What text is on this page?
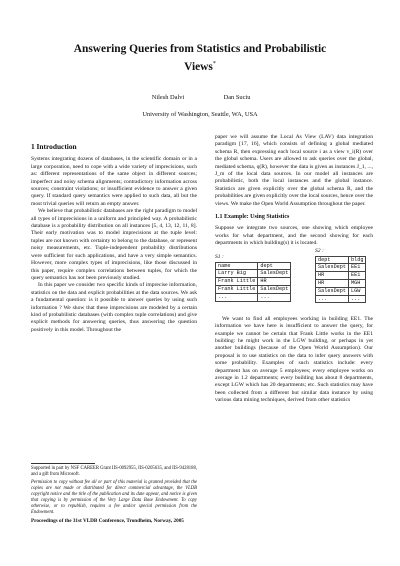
Answering Queries from Statistics and Probabilistic
Views*
Nilesh Dalvi	Dan Suciu
University of Washington, Seattle, WA, USA
1 Introduction

Systems integrating dozens of databases, in the scientific domain or in a large corporation, need to cope with a wide variety of imprecisions, such as: different representations of the same object in different sources; imperfect and noisy schema alignments; contradictory information across sources; constraint violations; or insufficient evidence to answer a given query. If standard query semantics were applied to such data, all but the most trivial queries will return an empty answer.

We believe that probabilistic databases are the right paradigm to model all types of imprecisions in a uniform and principled way. A probabilistic database is a probability distribution on all instances [5, 4, 13, 12, 11, 8]. Their early motivation was to model imprecisions at the tuple level: tuples are not known with certainty to belong to the database, or represent noisy measurements, etc. Tuple-independent probability distributions were sufficient for such applications, and have a very simple semantics. However, more complex types of imprecisions, like those discussed in this paper, require complex correlations between tuples, for which the query semantics has not been previously studied.

In this paper we consider two specific kinds of imprecise information, statistics on the data and explicit probabilities at the data sources. We ask a fundamental question: is it possible to answer queries by using such information ? We show that these imprecisions are modeled by a certain kind of probabilistic databases (with complex tuple correlations) and give explicit methods for answering queries, thus answering the question positively in this model. Throughout the

Supported in part by NSF CAREER Grant IIS-0092955, IIS-0205635, and IIS-9428188, and a gift from Microsoft.

Permission to copy without fee all or part of this material is granted provided that the copies are not made or distributed for direct commercial advantage, the VLDB copyright notice and the title of the publication and its date appear, and notice is given that copying is by permission of the Very Large Data Base Endowment. To copy otherwise, or to republish, requires a fee and/or special permission from the Endowment.

Proceedings of the 31st VLDB Conference, Trondheim, Norway, 2005

paper we will assume the Local As View (LAV) data integration paradigm [17, 16], which consists of defining a global mediated schema R, then expressing each local source i as a view v_i(R) over the global schema. Users are allowed to ask queries over the global, mediated schema, q(R), however the data is given as instances J_1, ..., J_m of the local data sources. In our model all instances are probabilistic, both the local instances and the global instance. Statistics are given explicitly over the global schema R, and the probabilities are given explicitly over the local sources, hence over the views. We make the Open World Assumption throughout the paper.

1.1 Example: Using Statistics

Suppose we integrate two sources, one showing which employee works for what department, and the second showing for each departments in which building(s) it is located.

S1 :
name	dept
Larry Big	SalesDept
Frank Little	HR
Frank Little	SalesDept
...	...
S2 :
dept	bldg
SalesDept	EE1
HR	EE1
HR	MGH
SalesDept	LGW
...	...

We want to find all employees working in building EE1. The information we have here is insufficient to answer the query, for example we cannot be certain that Frank Little works in the EE1 building: he might work in the LGW building, or perhaps in yet another buildings (because of the Open World Assumption). Our proposal is to use statistics on the data to infer query answers with some probability. Examples of such statistics include: every department has on average 5 employees; every employee works on average in 1.2 departments; every building has about 8 departments, except LGW which has 20 departments; etc. Such statistics may have been collected from a different but similar data instance by using various data mining techniques, derived from other statistics
